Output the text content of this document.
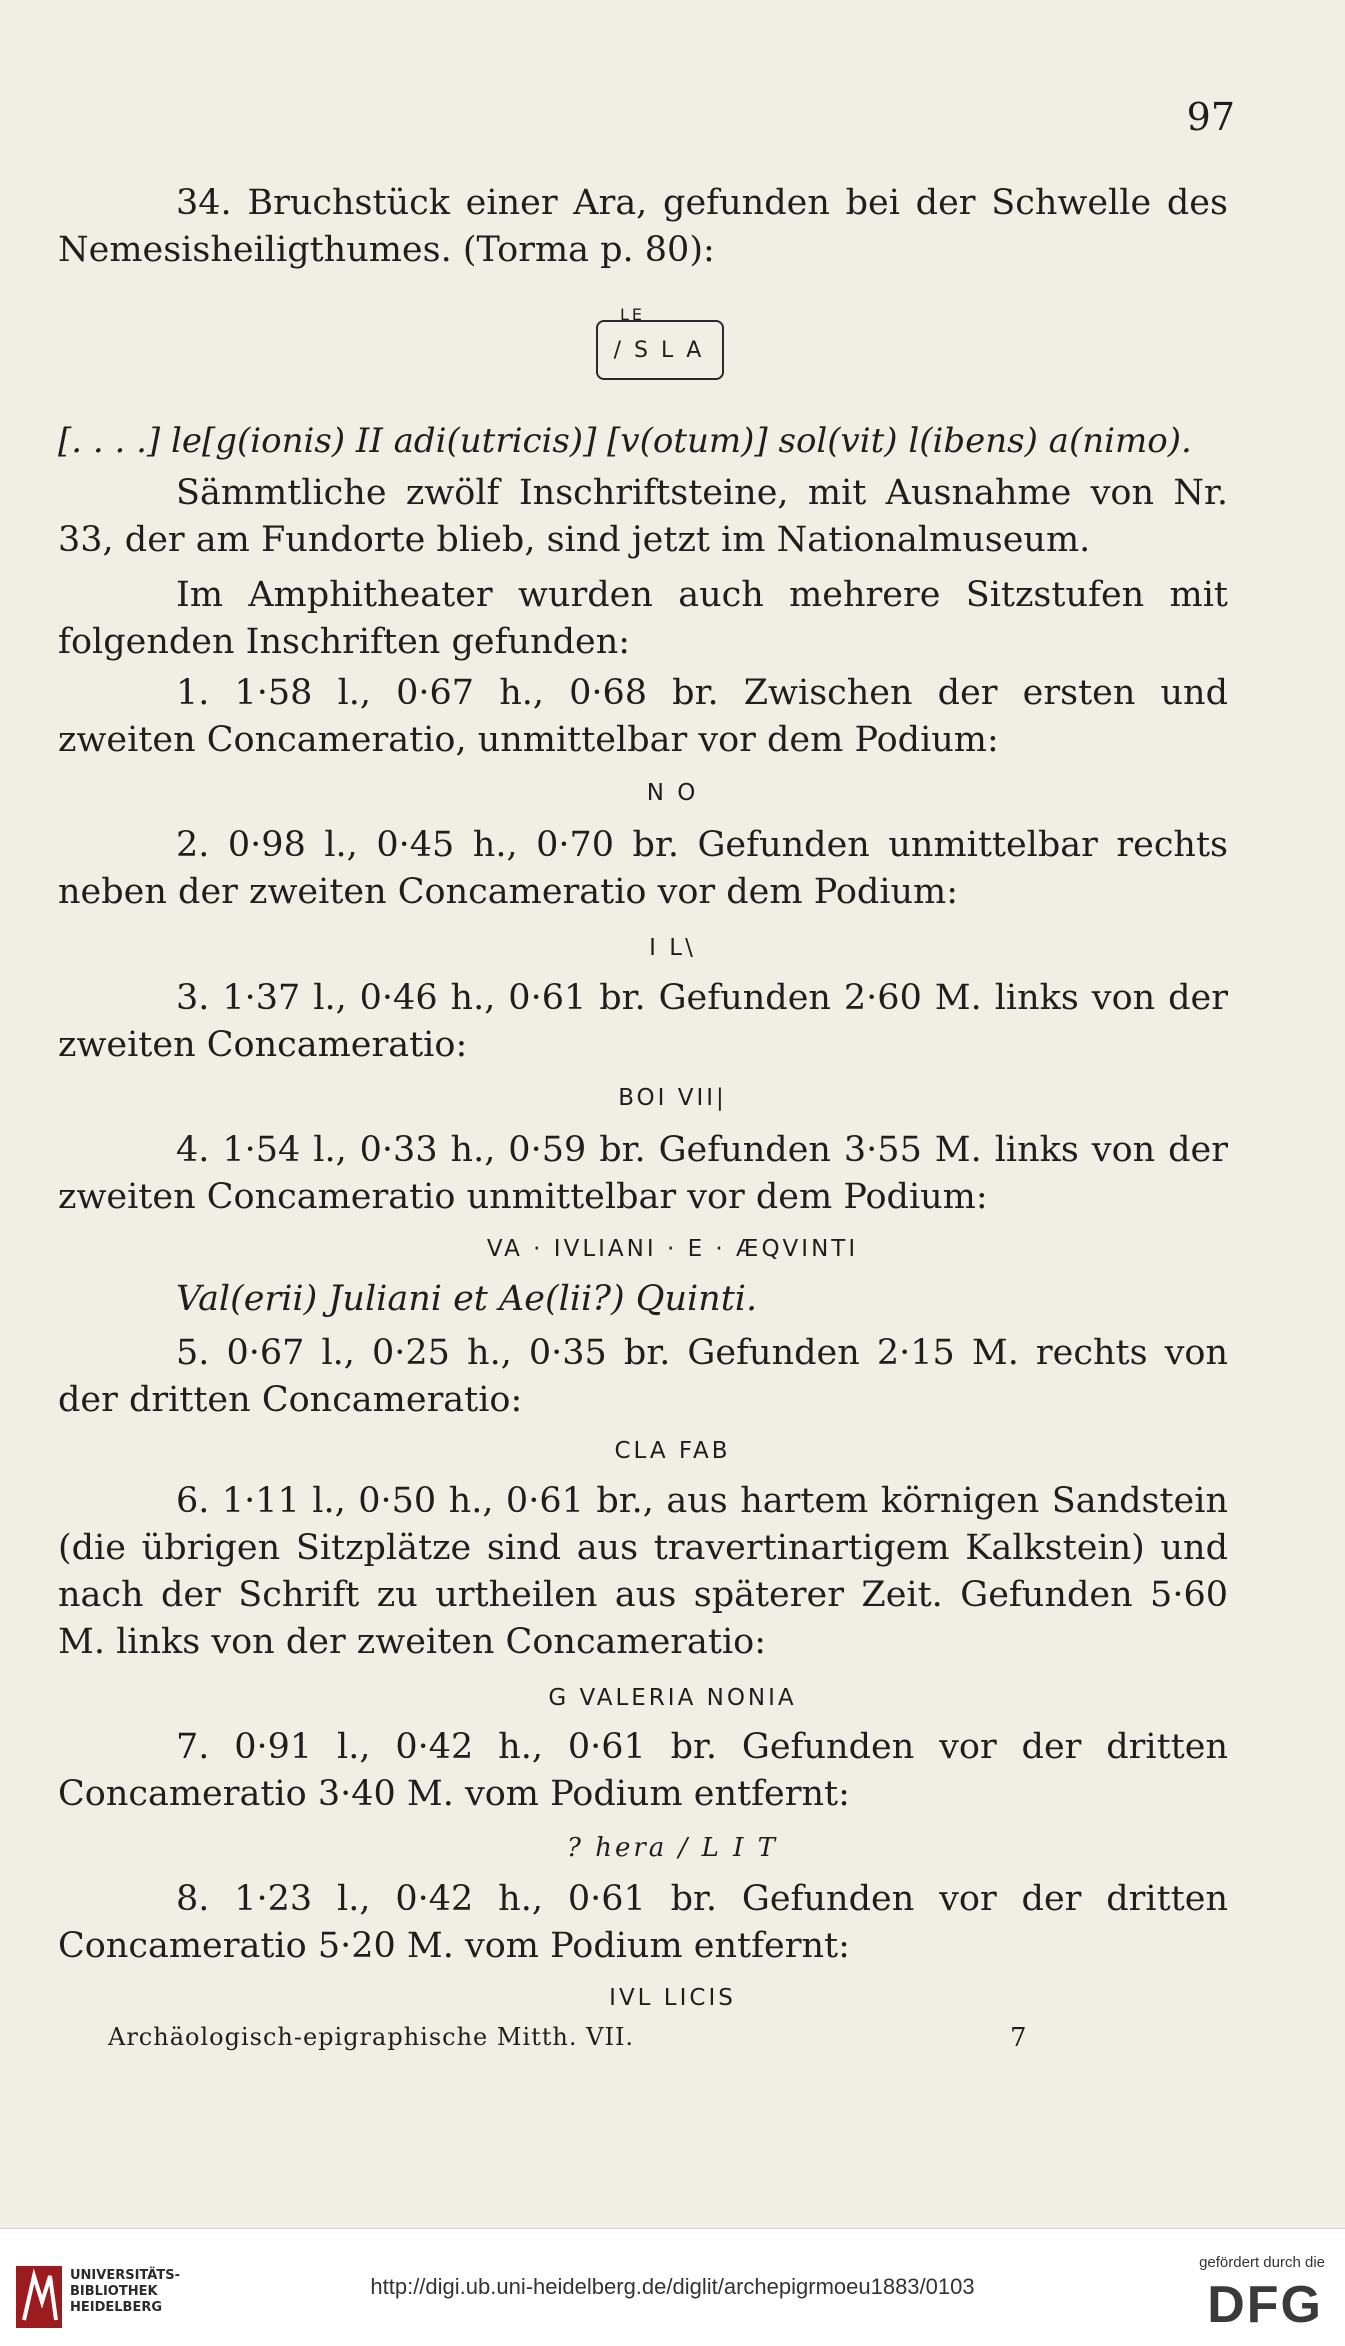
97
34. Bruchstück einer Ara, gefunden bei der Schwelle des Nemesisheiligthumes. (Torma p. 80):
LE
/ S L A
[. . . .] le[g(ionis) II adi(utricis)] [v(otum)] sol(vit) l(ibens) a(nimo).
Sämmtliche zwölf Inschriftsteine, mit Ausnahme von Nr. 33, der am Fundorte blieb, sind jetzt im Nationalmuseum.
Im Amphitheater wurden auch mehrere Sitzstufen mit folgenden Inschriften gefunden:
1. 1·58 l., 0·67 h., 0·68 br. Zwischen der ersten und zweiten Concameratio, unmittelbar vor dem Podium:
N O
2. 0·98 l., 0·45 h., 0·70 br. Gefunden unmittelbar rechts neben der zweiten Concameratio vor dem Podium:
I L\
3. 1·37 l., 0·46 h., 0·61 br. Gefunden 2·60 M. links von der zweiten Concameratio:
BOI VII|
4. 1·54 l., 0·33 h., 0·59 br. Gefunden 3·55 M. links von der zweiten Concameratio unmittelbar vor dem Podium:
VA · IVLIANI · E · ÆQVINTI
Val(erii) Juliani et Ae(lii?) Quinti.
5. 0·67 l., 0·25 h., 0·35 br. Gefunden 2·15 M. rechts von der dritten Concameratio:
CLA FAB
6. 1·11 l., 0·50 h., 0·61 br., aus hartem körnigen Sandstein (die übrigen Sitzplätze sind aus travertinartigem Kalkstein) und nach der Schrift zu urtheilen aus späterer Zeit. Gefunden 5·60 M. links von der zweiten Concameratio:
G VALERIA NONIA
7. 0·91 l., 0·42 h., 0·61 br. Gefunden vor der dritten Concameratio 3·40 M. vom Podium entfernt:
? hera / L I T
8. 1·23 l., 0·42 h., 0·61 br. Gefunden vor der dritten Concameratio 5·20 M. vom Podium entfernt:
IVL LICIS
Archäologisch-epigraphische Mitth. VII.	7
UNIVERSITÄTS-
BIBLIOTHEK
HEIDELBERG
http://digi.ub.uni-heidelberg.de/diglit/archepigrmoeu1883/0103
gefördert durch die
DFG
